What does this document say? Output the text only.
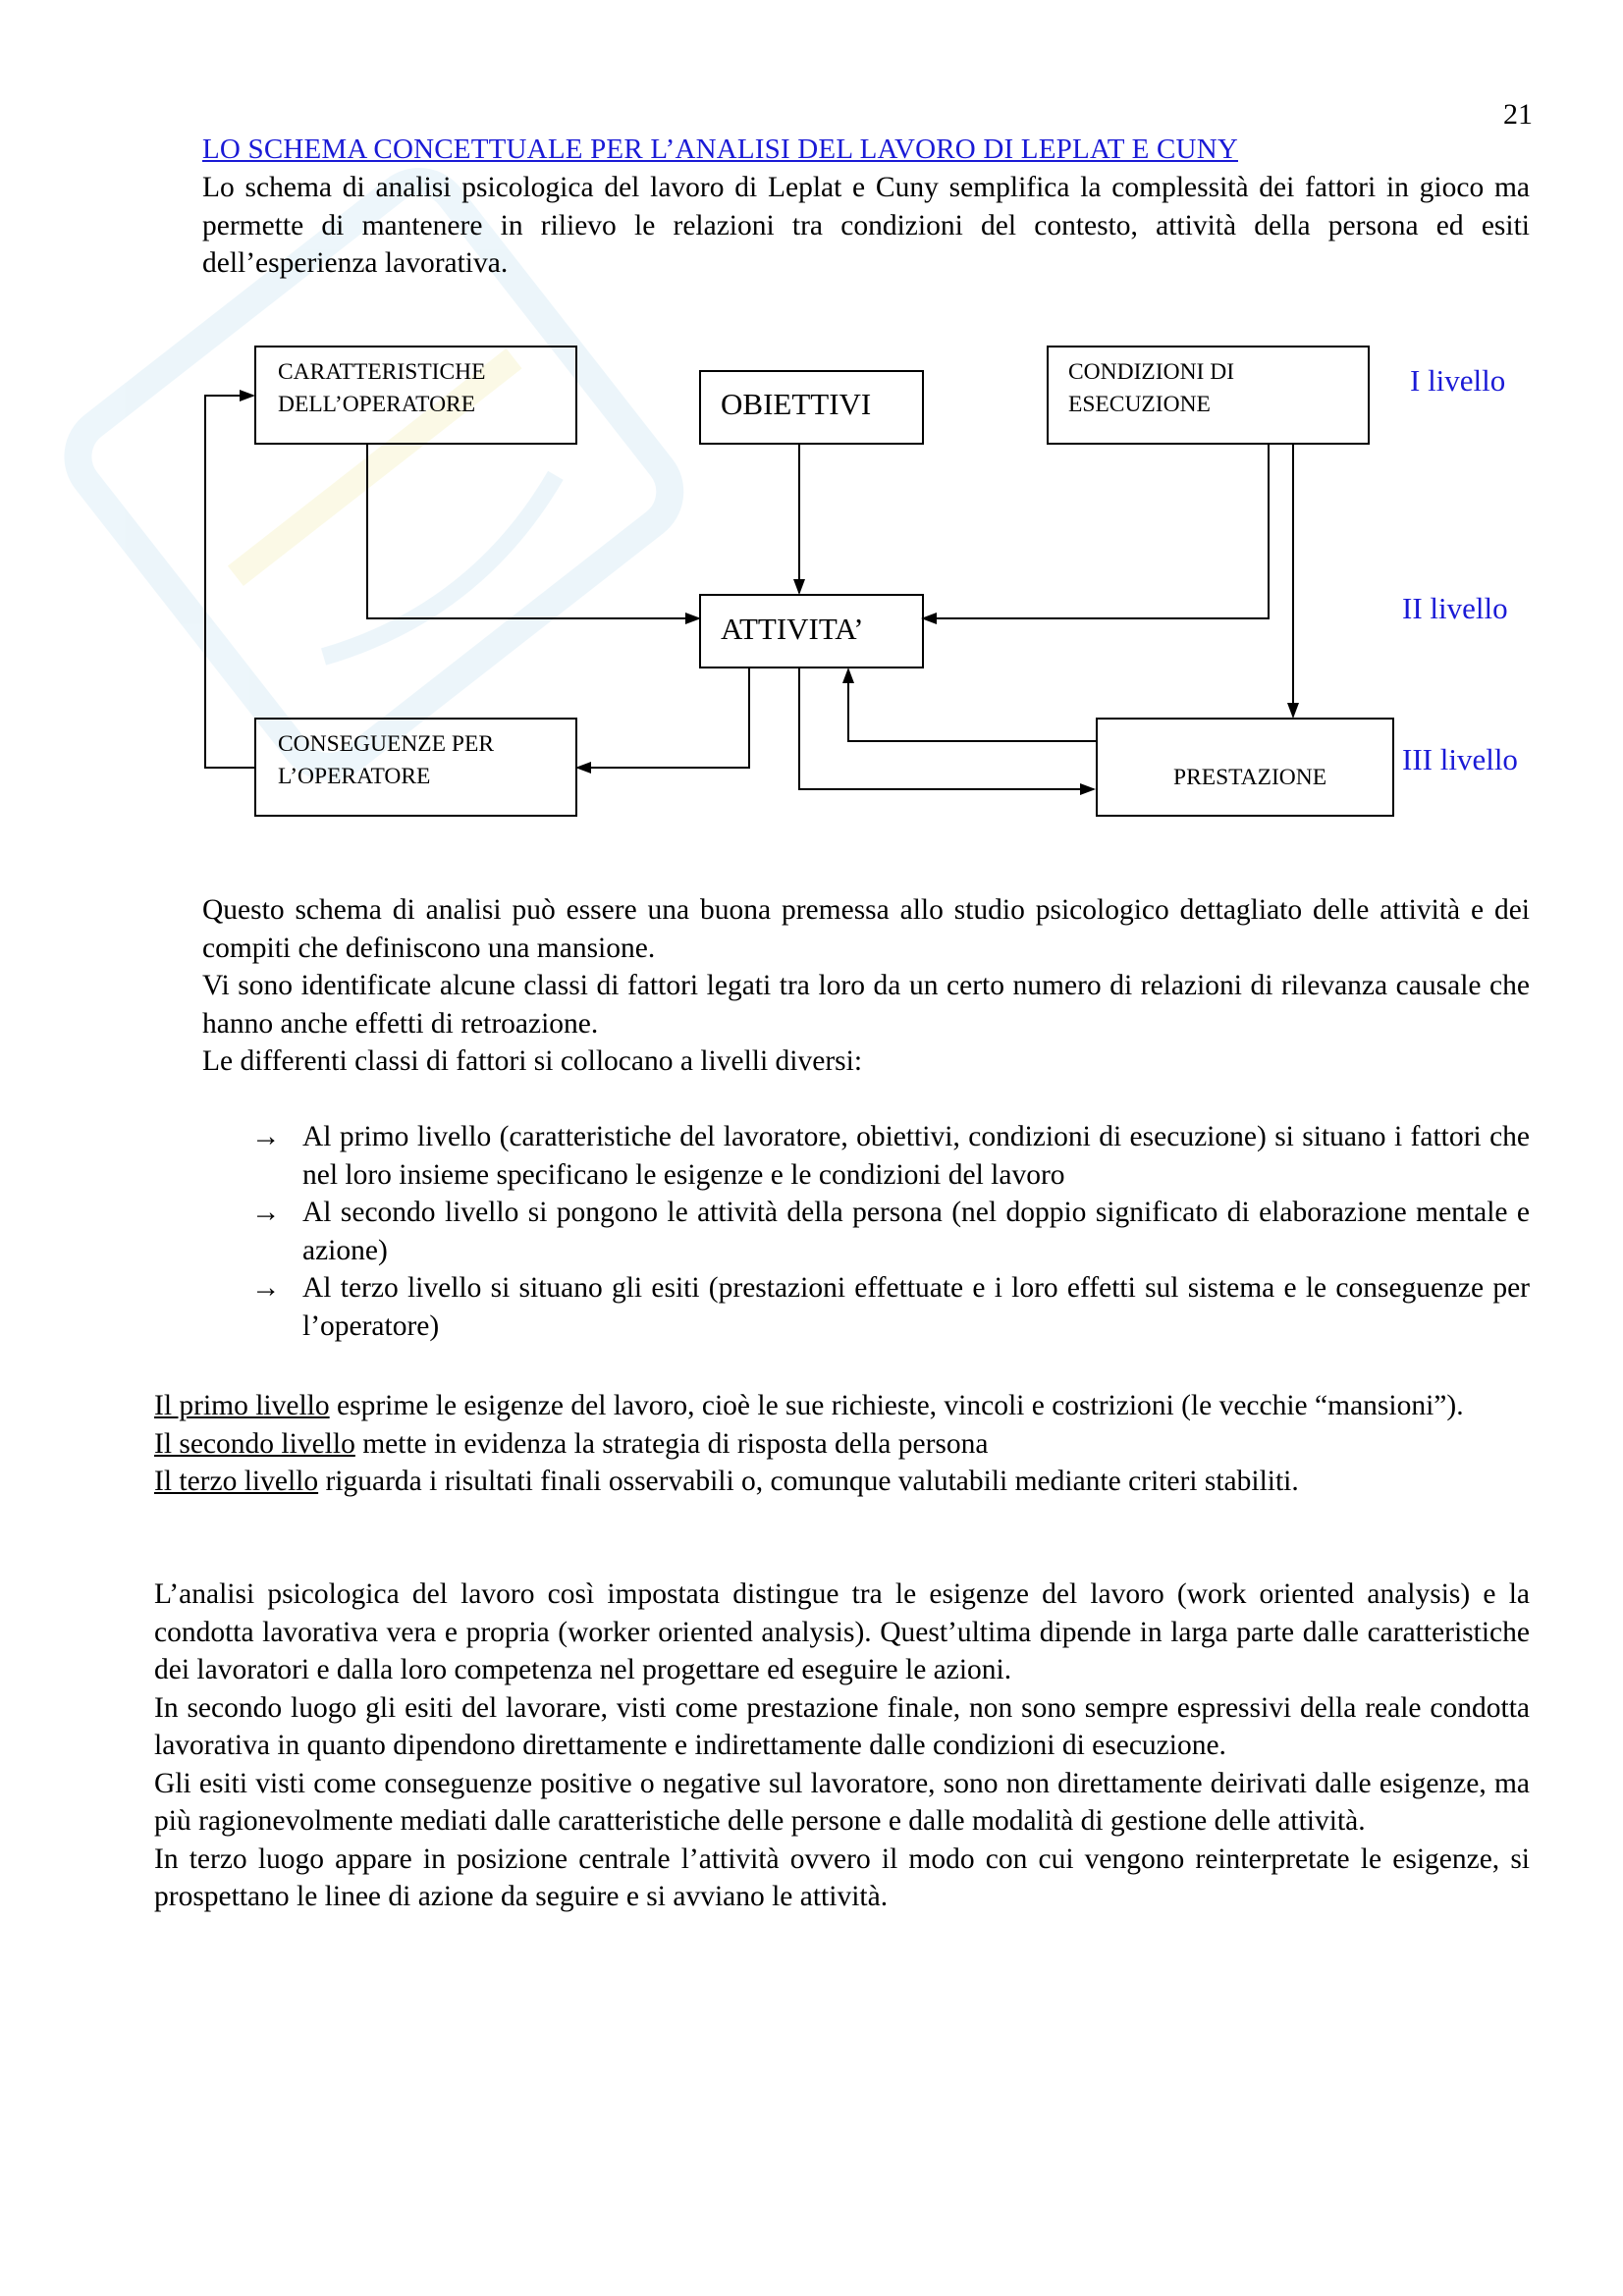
21
LO SCHEMA CONCETTUALE PER L’ANALISI DEL LAVORO DI LEPLAT E CUNY

Lo schema di analisi psicologica del lavoro di Leplat e Cuny semplifica la complessità dei fattori in gioco ma permette di mantenere in rilievo le relazioni tra condizioni del contesto, attività della persona ed esiti dell’esperienza lavorativa.

CARATTERISTICHE
DELL’OPERATORE	OBIETTIVI
CONDIZIONI DI
ESECUZIONE
ATTIVITA’
CONSEGUENZE PER
L’OPERATORE	PRESTAZIONE
I livello
II livello
III livello
Questo schema di analisi può essere una buona premessa allo studio psicologico dettagliato delle attività e dei compiti che definiscono una mansione.
Vi sono identificate alcune classi di fattori legati tra loro da un certo numero di relazioni di rilevanza causale che hanno anche effetti di retroazione.
Le differenti classi di fattori si collocano a livelli diversi:
→ Al primo livello (caratteristiche del lavoratore, obiettivi, condizioni di esecuzione) si situano i fattori che nel loro insieme specificano le esigenze e le condizioni del lavoro
→ Al secondo livello si pongono le attività della persona (nel doppio significato di elaborazione mentale e azione)
→ Al terzo livello si situano gli esiti (prestazioni effettuate e i loro effetti sul sistema e le conseguenze per l’operatore)

Il primo livello esprime le esigenze del lavoro, cioè le sue richieste, vincoli e costrizioni (le vecchie “mansioni”).

Il secondo livello mette in evidenza la strategia di risposta della persona

Il terzo livello riguarda i risultati finali osservabili o, comunque valutabili mediante criteri stabiliti.

L’analisi psicologica del lavoro così impostata distingue tra le esigenze del lavoro (work oriented analysis) e la condotta lavorativa vera e propria (worker oriented analysis). Quest’ultima dipende in larga parte dalle caratteristiche dei lavoratori e dalla loro competenza nel progettare ed eseguire le azioni.

In secondo luogo gli esiti del lavorare, visti come prestazione finale, non sono sempre espressivi della reale condotta lavorativa in quanto dipendono direttamente e indirettamente dalle condizioni di esecuzione.

Gli esiti visti come conseguenze positive o negative sul lavoratore, sono non direttamente deirivati dalle esigenze, ma più ragionevolmente mediati dalle caratteristiche delle persone e dalle modalità di gestione delle attività.

In terzo luogo appare in posizione centrale l’attività ovvero il modo con cui vengono reinterpretate le esigenze, si prospettano le linee di azione da seguire e si avviano le attività.
